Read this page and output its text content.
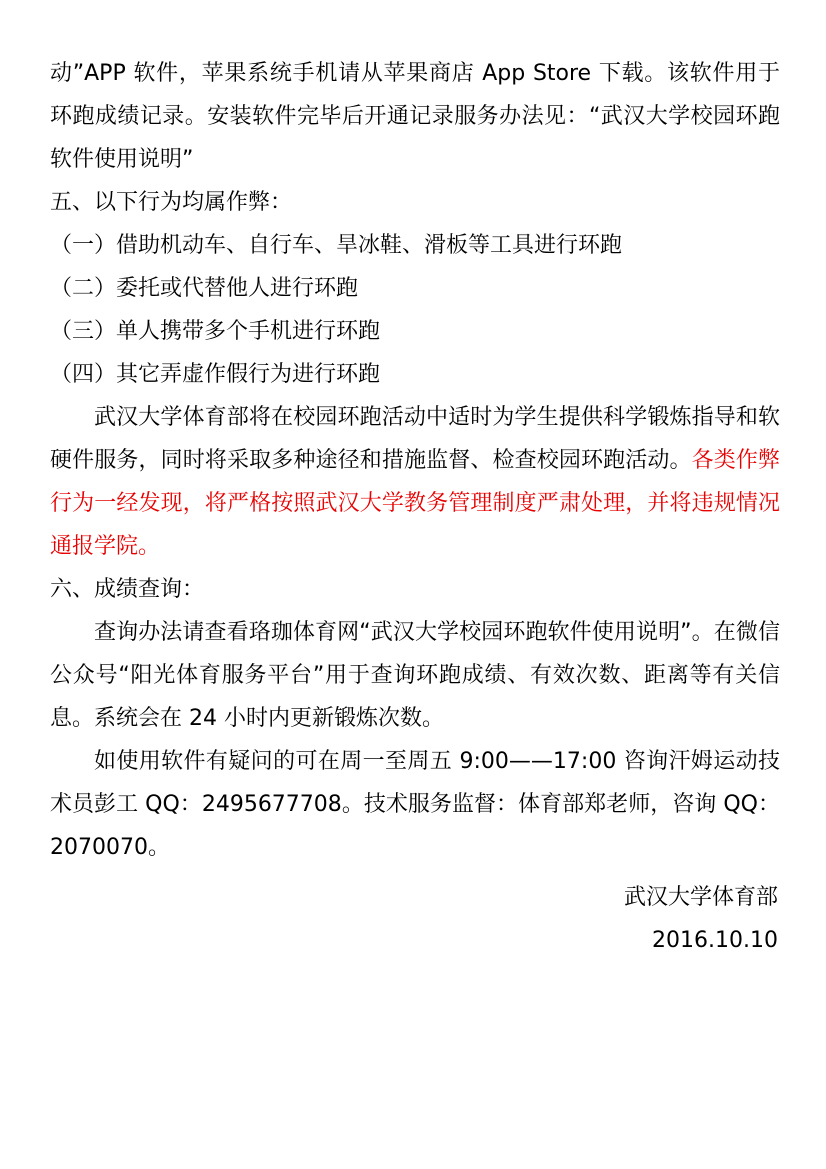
动”APP 软件，苹果系统手机请从苹果商店 App Store 下载。该软件用于环跑成绩记录。安装软件完毕后开通记录服务办法见：“武汉大学校园环跑软件使用说明”

五、以下行为均属作弊：

（一）借助机动车、自行车、旱冰鞋、滑板等工具进行环跑

（二）委托或代替他人进行环跑

（三）单人携带多个手机进行环跑

（四）其它弄虚作假行为进行环跑

武汉大学体育部将在校园环跑活动中适时为学生提供科学锻炼指导和软硬件服务，同时将采取多种途径和措施监督、检查校园环跑活动。各类作弊行为一经发现，将严格按照武汉大学教务管理制度严肃处理，并将违规情况通报学院。

六、成绩查询：

查询办法请查看珞珈体育网“武汉大学校园环跑软件使用说明”。在微信公众号“阳光体育服务平台”用于查询环跑成绩、有效次数、距离等有关信息。系统会在 24 小时内更新锻炼次数。

如使用软件有疑问的可在周一至周五 9:00——17:00 咨询汗姆运动技术员彭工 QQ：2495677708。技术服务监督：体育部郑老师，咨询 QQ：2070070。

武汉大学体育部
2016.10.10
